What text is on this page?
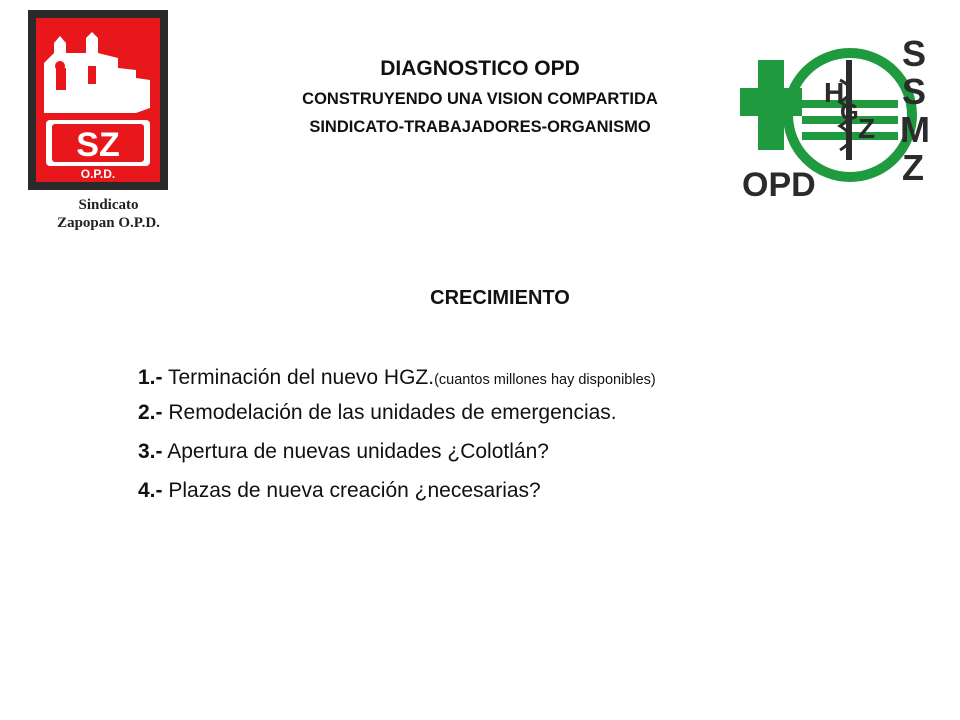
SZ
O.P.D.
Sindicato
Zapopan O.P.D.
DIAGNOSTICO OPD
CONSTRUYENDO UNA VISION COMPARTIDA
SINDICATO-TRABAJADORES-ORGANISMO
H
G
Z
S
S
M
Z
OPD
CRECIMIENTO
1.- Terminación del nuevo HGZ.(cuantos millones hay disponibles)
2.- Remodelación de las unidades de emergencias.
3.- Apertura de nuevas unidades ¿Colotlán?
4.- Plazas de nueva creación ¿necesarias?
